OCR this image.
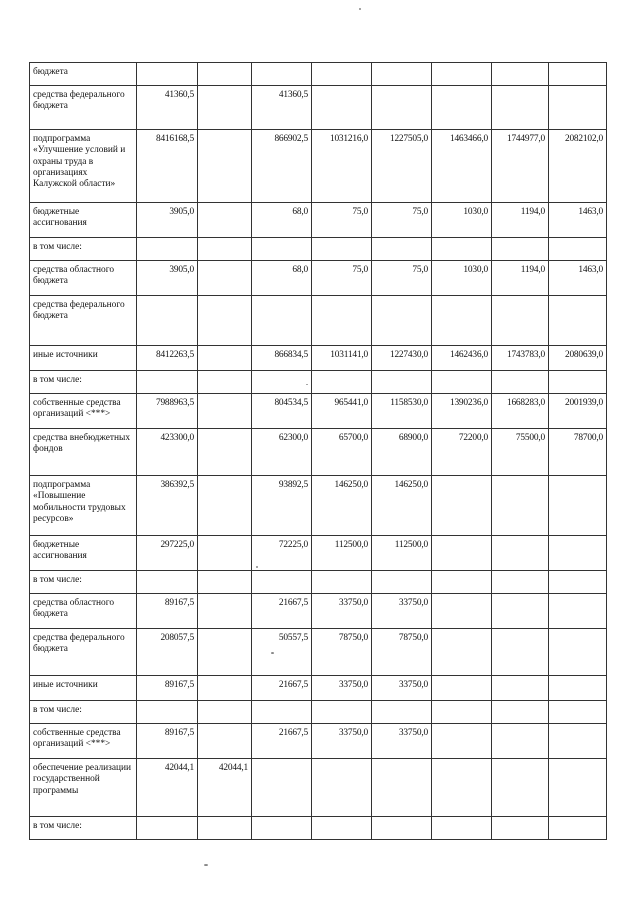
бюджета								
средства федерального бюджета	41360,5		41360,5					
подпрограмма «Улучшение условий и охраны труда в организациях Калужской области»	8416168,5		866902,5	1031216,0	1227505,0	1463466,0	1744977,0	2082102,0
бюджетные ассигнования	3905,0		68,0	75,0	75,0	1030,0	1194,0	1463,0
в том числе:								
средства областного бюджета	3905,0		68,0	75,0	75,0	1030,0	1194,0	1463,0
средства федерального бюджета								
иные источники	8412263,5		866834,5	1031141,0	1227430,0	1462436,0	1743783,0	2080639,0
в том числе:								
собственные средства организаций <***>	7988963,5		804534,5	965441,0	1158530,0	1390236,0	1668283,0	2001939,0
средства внебюджетных фондов	423300,0		62300,0	65700,0	68900,0	72200,0	75500,0	78700,0
подпрограмма «Повышение мобильности трудовых ресурсов»	386392,5		93892,5	146250,0	146250,0			
бюджетные ассигнования	297225,0		72225,0	112500,0	112500,0			
в том числе:								
средства областного бюджета	89167,5		21667,5	33750,0	33750,0			
средства федерального бюджета	208057,5		50557,5	78750,0	78750,0			
иные источники	89167,5		21667,5	33750,0	33750,0			
в том числе:								
собственные средства организаций <***>	89167,5		21667,5	33750,0	33750,0			
обеспечение реализации государственной программы	42044,1	42044,1						
в том числе:								
